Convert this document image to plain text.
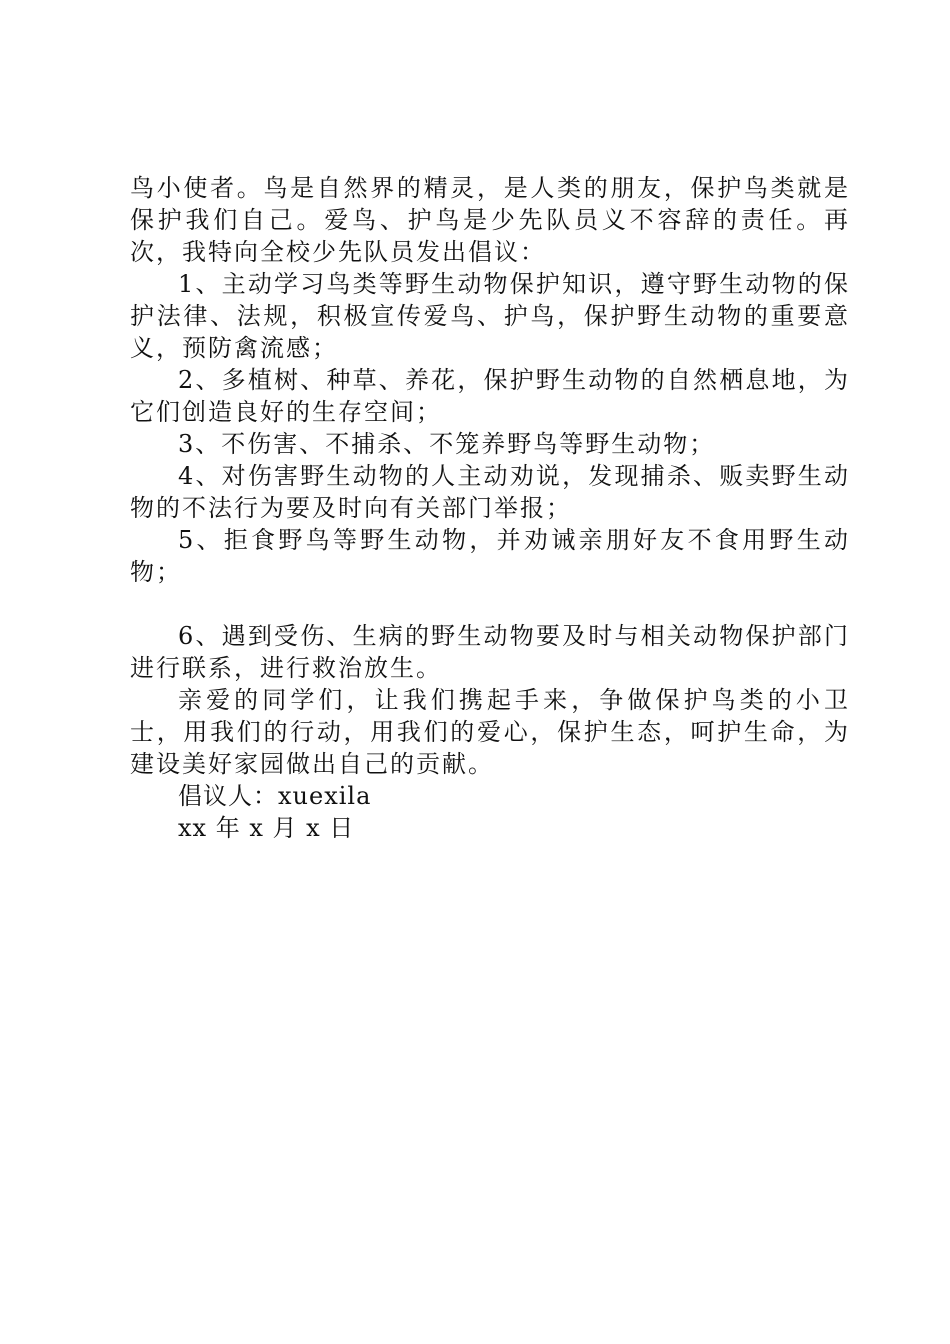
鸟小使者。鸟是自然界的精灵，是人类的朋友，保护鸟类就是保护我们自己。爱鸟、护鸟是少先队员义不容辞的责任。再次，我特向全校少先队员发出倡议：

1、主动学习鸟类等野生动物保护知识，遵守野生动物的保护法律、法规，积极宣传爱鸟、护鸟，保护野生动物的重要意义，预防禽流感；

2、多植树、种草、养花，保护野生动物的自然栖息地，为它们创造良好的生存空间；

3、不伤害、不捕杀、不笼养野鸟等野生动物；

4、对伤害野生动物的人主动劝说，发现捕杀、贩卖野生动物的不法行为要及时向有关部门举报；

5、拒食野鸟等野生动物，并劝诫亲朋好友不食用野生动物；

6、遇到受伤、生病的野生动物要及时与相关动物保护部门进行联系，进行救治放生。

亲爱的同学们，让我们携起手来，争做保护鸟类的小卫士，用我们的行动，用我们的爱心，保护生态，呵护生命，为建设美好家园做出自己的贡献。

倡议人：xuexila

xx 年 x 月 x 日
